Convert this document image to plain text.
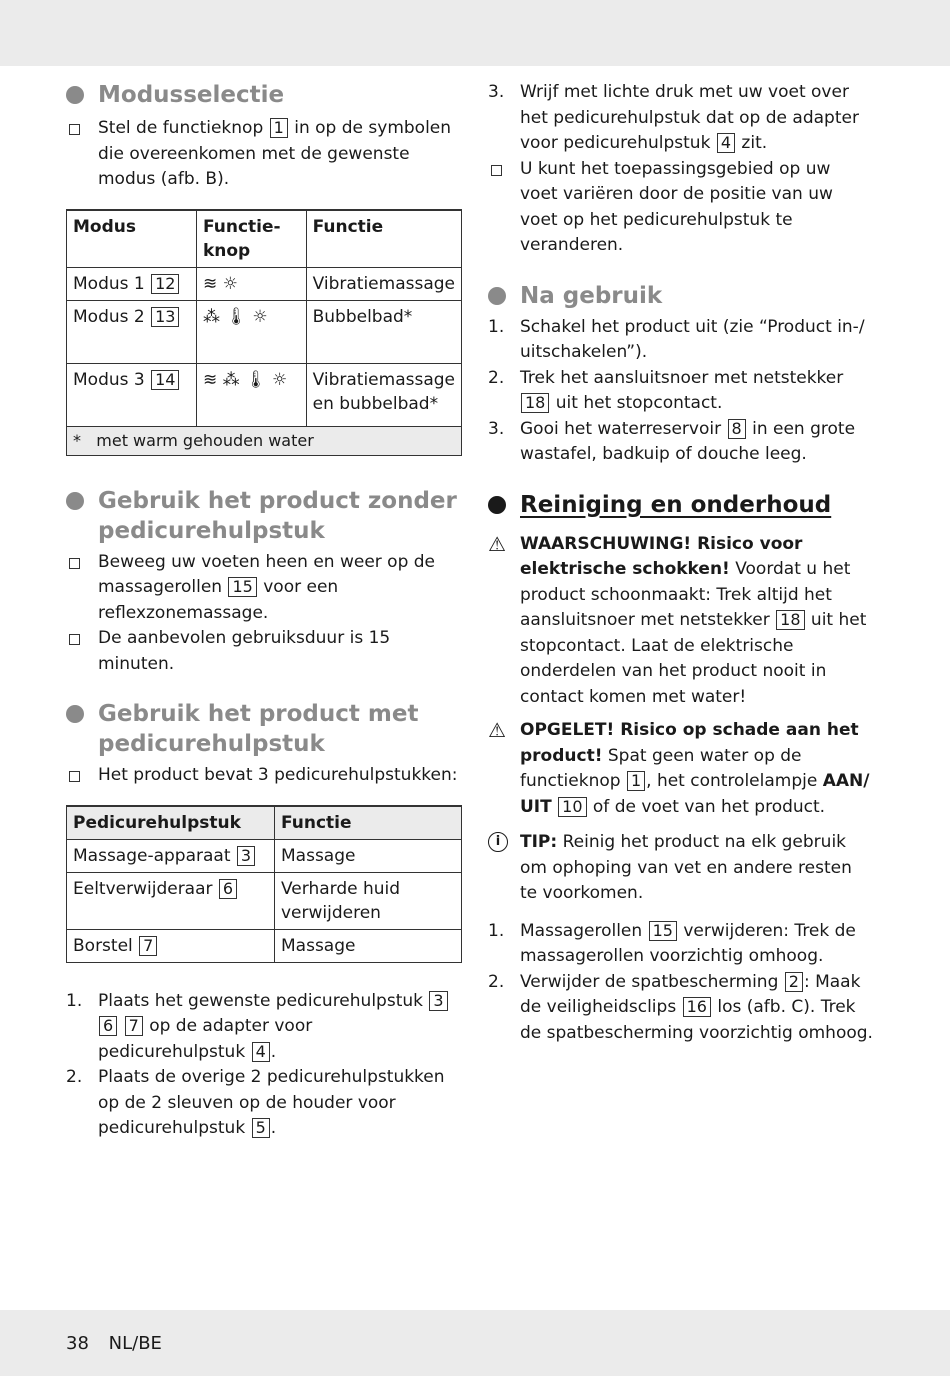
Modusselectie

Stel de functieknop 1 in op de symbolen die overeenkomen met de gewenste modus (afb. B).

Modus	Functie-knop	Functie
Modus 1 12	≋ ☼	Vibratiemassage
Modus 2 13	⁂ 🌡 ☼	Bubbelbad*
Modus 3 14	≋ ⁂ 🌡 ☼	Vibratiemassage en bubbelbad*
* met warm gehouden water		
Gebruik het product zonder pedicurehulpstuk

Beweeg uw voeten heen en weer op de massagerollen 15 voor een reflexzonemassage.

De aanbevolen gebruiksduur is 15 minuten.

Gebruik het product met pedicurehulpstuk

Het product bevat 3 pedicurehulpstukken:

Pedicurehulpstuk	Functie
Massage-apparaat 3	Massage
Eeltverwijderaar 6	Verharde huid verwijderen
Borstel 7	Massage
1. Plaats het gewenste pedicurehulpstuk 3 6 7 op de adapter voor pedicurehulpstuk 4 .
2. Plaats de overige 2 pedicurehulpstukken op de 2 sleuven op de houder voor pedicurehulpstuk 5 .
3. Wrijf met lichte druk met uw voet over het pedicurehulpstuk dat op de adapter voor pedicurehulpstuk 4 zit.

U kunt het toepassingsgebied op uw voet variëren door de positie van uw voet op het pedicurehulpstuk te veranderen.

Na gebruik
1. Schakel het product uit (zie “Product in-/ uitschakelen”).
2. Trek het aansluitsnoer met netstekker 18 uit het stopcontact.
3. Gooi het waterreservoir 8 in een grote wastafel, badkuip of douche leeg.
Reiniging en onderhoud
⚠ WAARSCHUWING! Risico voor elektrische schokken! Voordat u het product schoonmaakt: Trek altijd het aansluitsnoer met netstekker 18 uit het stopcontact. Laat de elektrische onderdelen van het product nooit in contact komen met water!

⚠ OPGELET! Risico op schade aan het product! Spat geen water op de functieknop 1 , het controlelampje AAN/ UIT 10 of de voet van het product.

i	TIP: Reinig het product na elk gebruik om ophoping van vet en andere resten te voorkomen.

1. Massagerollen 15 verwijderen: Trek de massagerollen voorzichtig omhoog.
2. Verwijder de spatbescherming 2 : Maak de veiligheidsclips 16 los (afb. C). Trek de spatbescherming voorzichtig omhoog.
38 NL/BE
